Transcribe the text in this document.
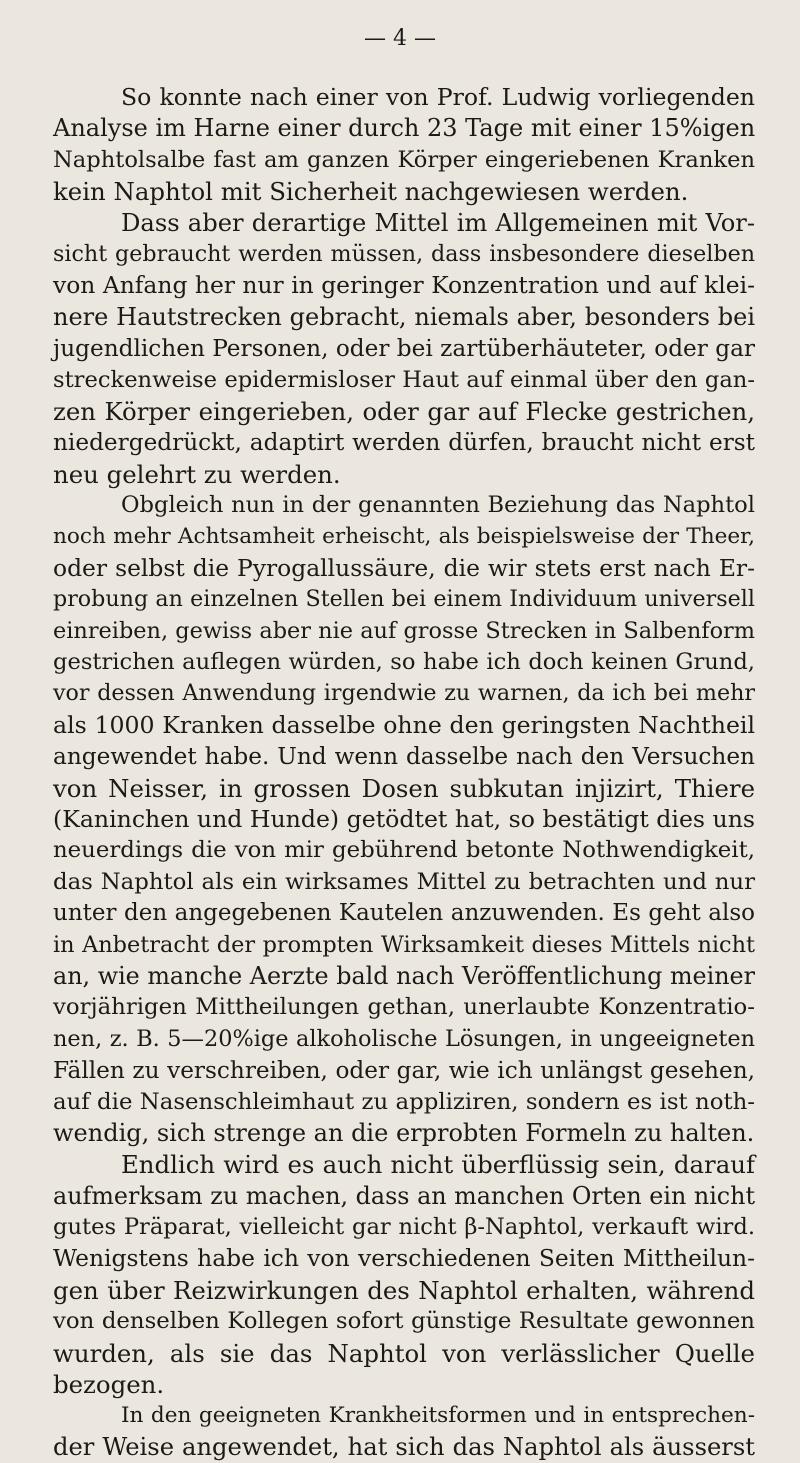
— 4 —
So konnte nach einer von Prof. Ludwig vorliegenden
Analyse im Harne einer durch 23 Tage mit einer 15%igen
Naphtolsalbe fast am ganzen Körper eingeriebenen Kranken
kein Naphtol mit Sicherheit nachgewiesen werden.
Dass aber derartige Mittel im Allgemeinen mit Vor-
sicht gebraucht werden müssen, dass insbesondere dieselben
von Anfang her nur in geringer Konzentration und auf klei-
nere Hautstrecken gebracht, niemals aber, besonders bei
jugendlichen Personen, oder bei zartüberhäuteter, oder gar
streckenweise epidermisloser Haut auf einmal über den gan-
zen Körper eingerieben, oder gar auf Flecke gestrichen,
niedergedrückt, adaptirt werden dürfen, braucht nicht erst
neu gelehrt zu werden.
Obgleich nun in der genannten Beziehung das Naphtol
noch mehr Achtsamheit erheischt, als beispielsweise der Theer,
oder selbst die Pyrogallussäure, die wir stets erst nach Er-
probung an einzelnen Stellen bei einem Individuum universell
einreiben, gewiss aber nie auf grosse Strecken in Salbenform
gestrichen auflegen würden, so habe ich doch keinen Grund,
vor dessen Anwendung irgendwie zu warnen, da ich bei mehr
als 1000 Kranken dasselbe ohne den geringsten Nachtheil
angewendet habe. Und wenn dasselbe nach den Versuchen
von Neisser, in grossen Dosen subkutan injizirt, Thiere
(Kaninchen und Hunde) getödtet hat, so bestätigt dies uns
neuerdings die von mir gebührend betonte Nothwendigkeit,
das Naphtol als ein wirksames Mittel zu betrachten und nur
unter den angegebenen Kautelen anzuwenden. Es geht also
in Anbetracht der prompten Wirksamkeit dieses Mittels nicht
an, wie manche Aerzte bald nach Veröffentlichung meiner
vorjährigen Mittheilungen gethan, unerlaubte Konzentratio-
nen, z. B. 5—20%ige alkoholische Lösungen, in ungeeigneten
Fällen zu verschreiben, oder gar, wie ich unlängst gesehen,
auf die Nasenschleimhaut zu appliziren, sondern es ist noth-
wendig, sich strenge an die erprobten Formeln zu halten.
Endlich wird es auch nicht überflüssig sein, darauf
aufmerksam zu machen, dass an manchen Orten ein nicht
gutes Präparat, vielleicht gar nicht β-Naphtol, verkauft wird.
Wenigstens habe ich von verschiedenen Seiten Mittheilun-
gen über Reizwirkungen des Naphtol erhalten, während
von denselben Kollegen sofort günstige Resultate gewonnen
wurden, als sie das Naphtol von verlässlicher Quelle
bezogen.
In den geeigneten Krankheitsformen und in entsprechen-
der Weise angewendet, hat sich das Naphtol als äusserst
